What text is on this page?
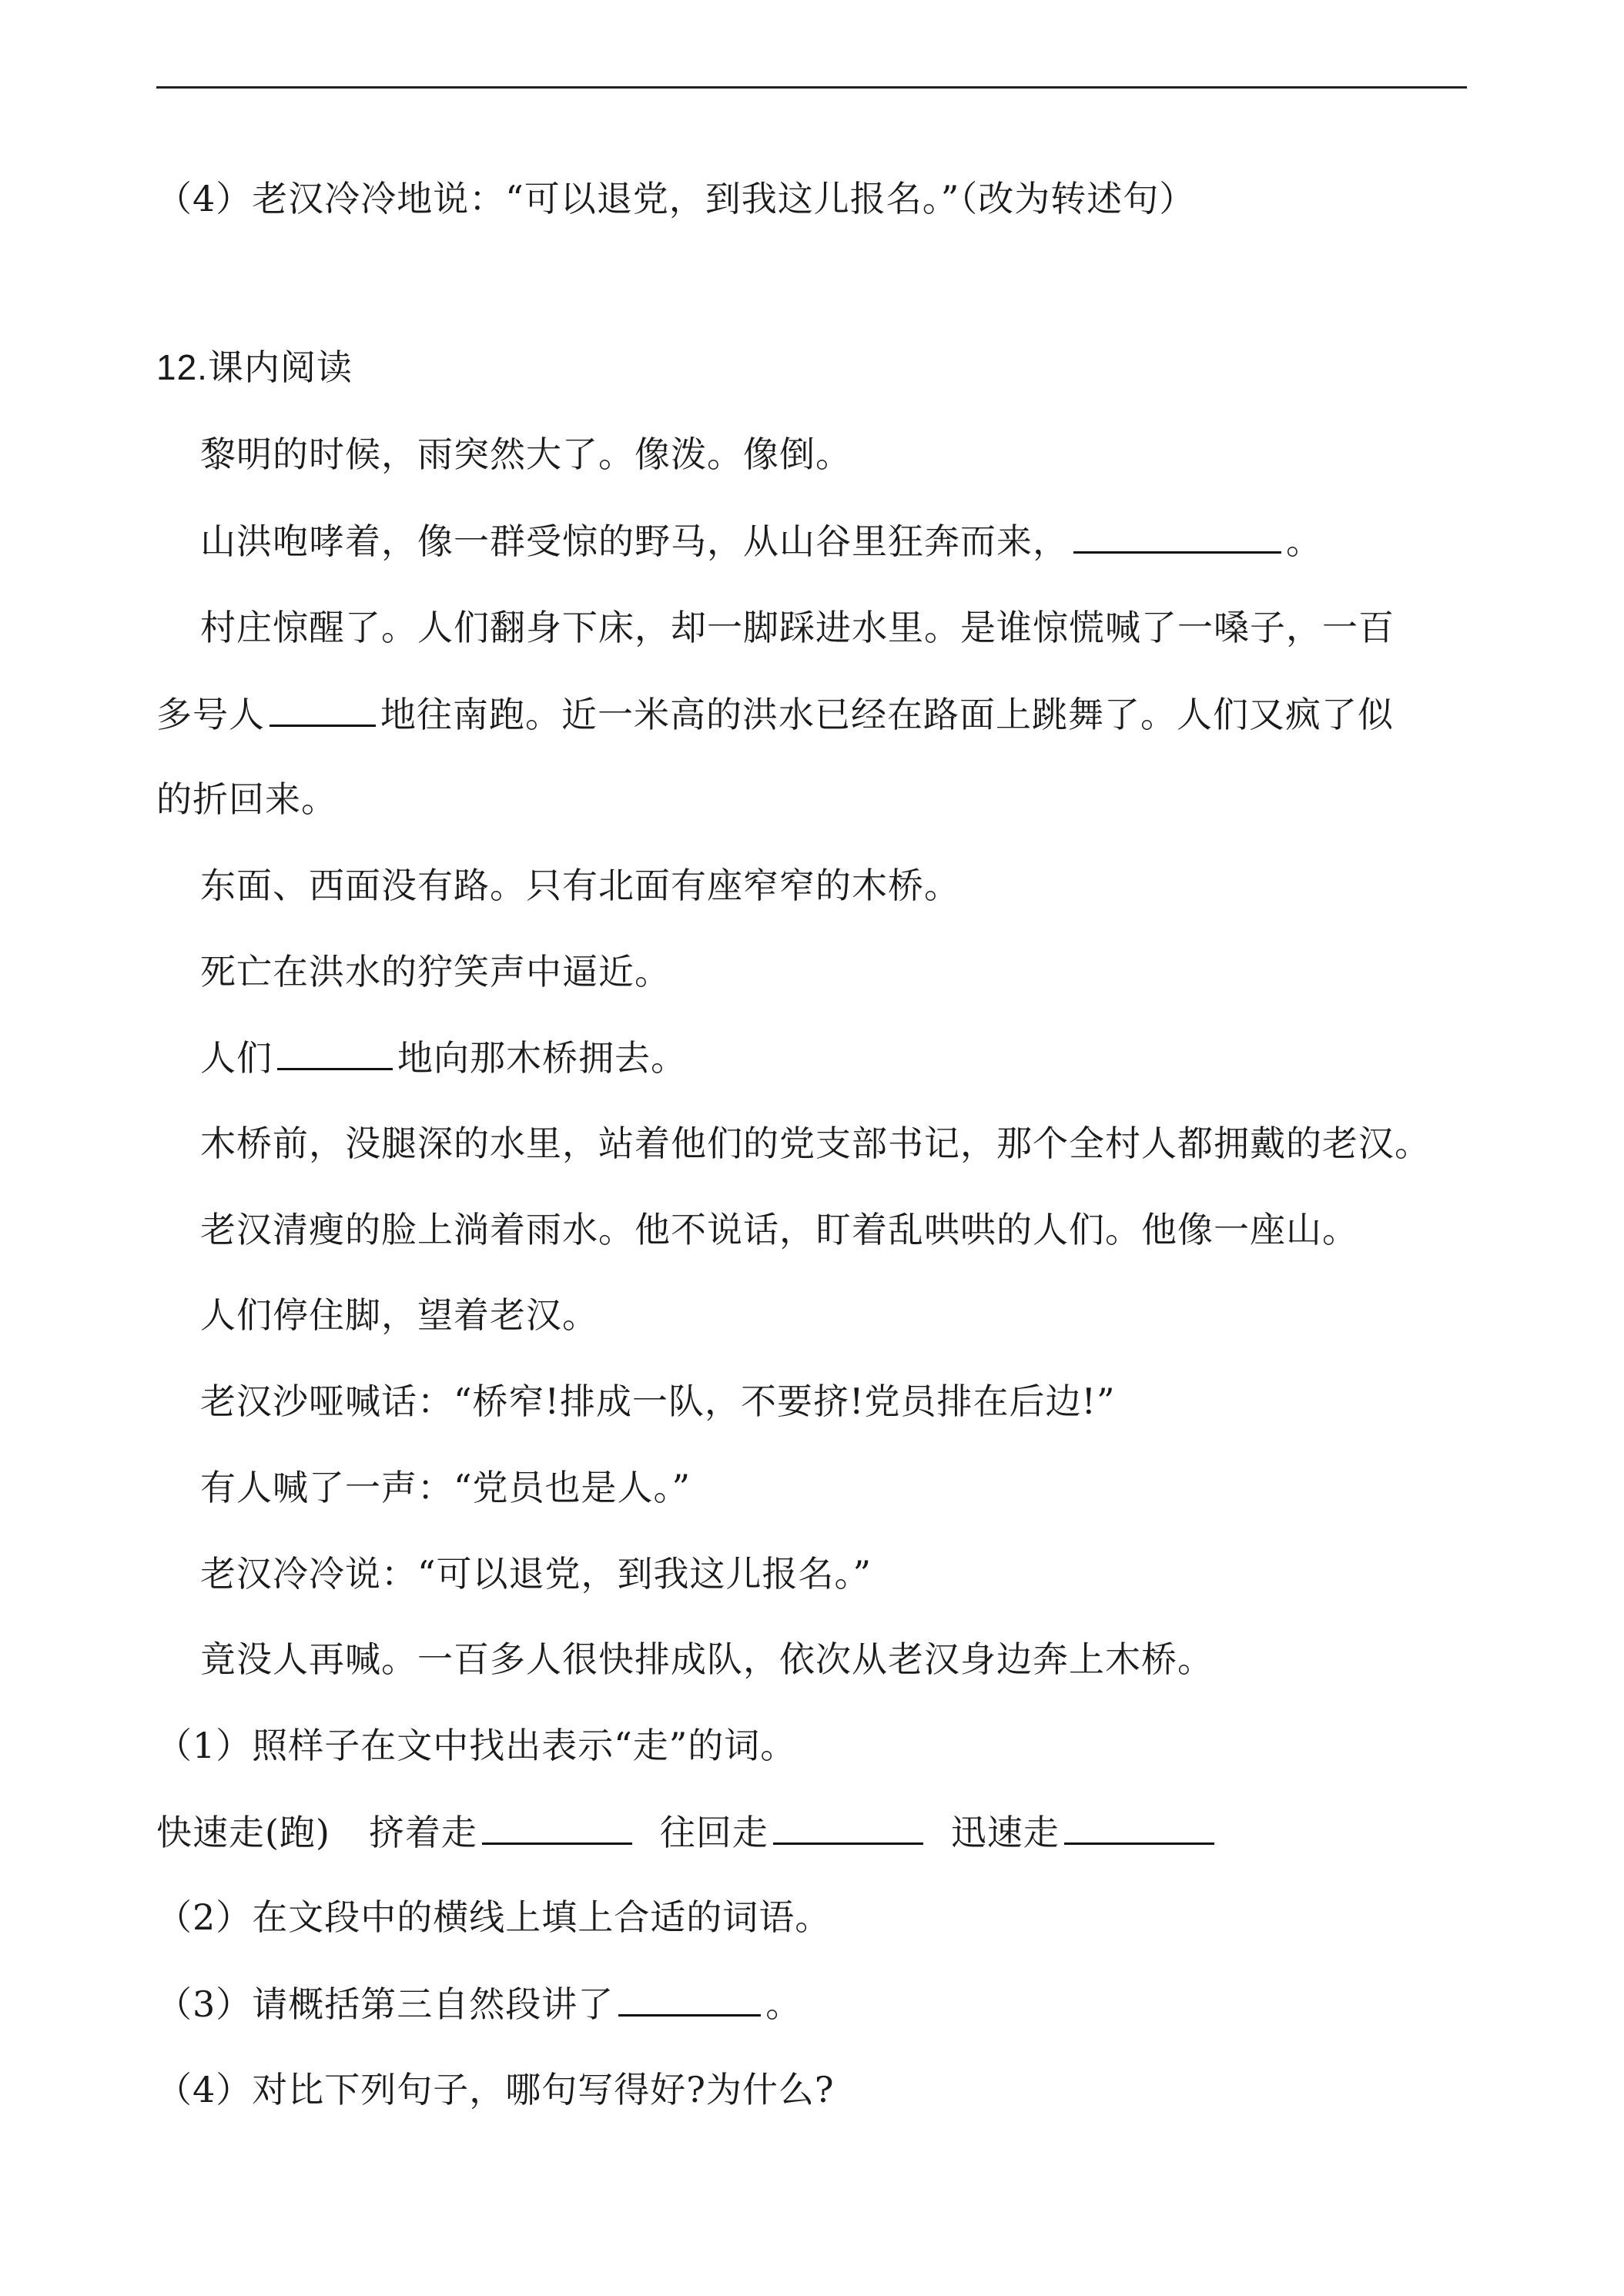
（4）老汉冷冷地说：“可以退党，到我这儿报名。”（改为转述句）
12.课内阅读
黎明的时候，雨突然大了。像泼。像倒。
山洪咆哮着，像一群受惊的野马，从山谷里狂奔而来，	。
村庄惊醒了。人们翻身下床，却一脚踩进水里。是谁惊慌喊了一嗓子，一百
多号人	地往南跑。近一米高的洪水已经在路面上跳舞了。人们又疯了似
的折回来。
东面、西面没有路。只有北面有座窄窄的木桥。
死亡在洪水的狞笑声中逼近。
人们	地向那木桥拥去。
木桥前，没腿深的水里，站着他们的党支部书记，那个全村人都拥戴的老汉。
老汉清瘦的脸上淌着雨水。他不说话，盯着乱哄哄的人们。他像一座山。
人们停住脚，望着老汉。
老汉沙哑喊话：“桥窄!排成一队，不要挤!党员排在后边!”
有人喊了一声：“党员也是人。”
老汉冷冷说：“可以退党，到我这儿报名。”
竟没人再喊。一百多人很快排成队，依次从老汉身边奔上木桥。
（1）照样子在文中找出表示“走”的词。
快速走(跑) 挤着走	往回走	迅速走
（2）在文段中的横线上填上合适的词语。
（3）请概括第三自然段讲了	。
（4）对比下列句子，哪句写得好?为什么?
